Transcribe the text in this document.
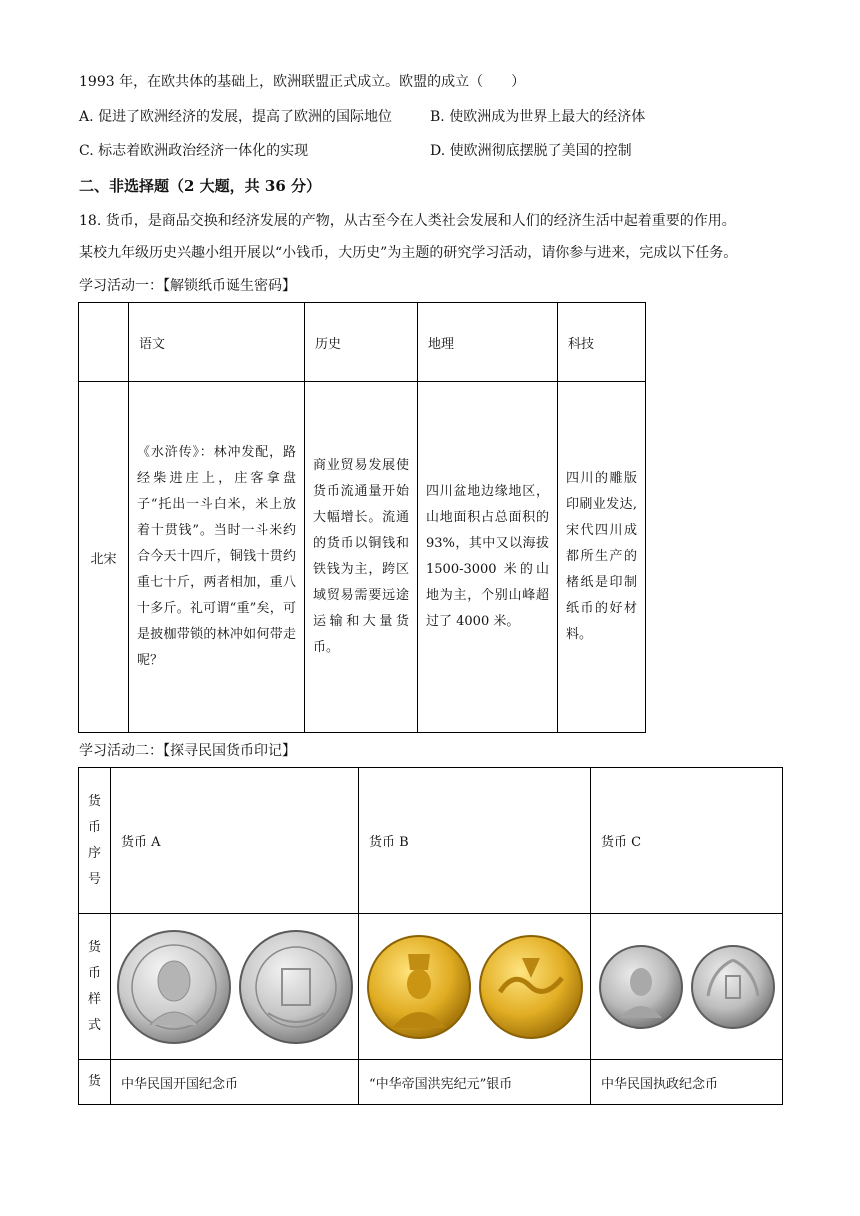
1993 年，在欧共体的基础上，欧洲联盟正式成立。欧盟的成立（　　）
A. 促进了欧洲经济的发展，提高了欧洲的国际地位	B. 使欧洲成为世界上最大的经济体
C. 标志着欧洲政治经济一体化的实现	D. 使欧洲彻底摆脱了美国的控制
二、非选择题（2 大题，共 36 分）
18. 货币，是商品交换和经济发展的产物，从古至今在人类社会发展和人们的经济生活中起着重要的作用。
某校九年级历史兴趣小组开展以“小钱币，大历史”为主题的研究学习活动，请你参与进来，完成以下任务。
学习活动一：【解锁纸币诞生密码】
	语文	历史	地理	科技
北宋	《水浒传》：林冲发配，路经柴进庄上，庄客拿盘子“托出一斗白米，米上放着十贯钱”。当时一斗米约合今天十四斤，铜钱十贯约重七十斤，两者相加，重八十多斤。礼可谓“重”矣，可是披枷带锁的林冲如何带走呢？	商业贸易发展使货币流通量开始大幅增长。流通的货币以铜钱和铁钱为主，跨区域贸易需要远途运输和大量货币。	四川盆地边缘地区，山地面积占总面积的 93%，其中又以海拔 1500-3000 米的山地为主，个别山峰超过了 4000 米。	四川的雕版印刷业发达,宋代四川成都所生产的楮纸是印制纸币的好材料。
学习活动二：【探寻民国货币印记】
货
币
序
号	货币 A	货币 B	货币 C

货
币
样
式

货	中华民国开国纪念币	“中华帝国洪宪纪元”银币	中华民国执政纪念币
